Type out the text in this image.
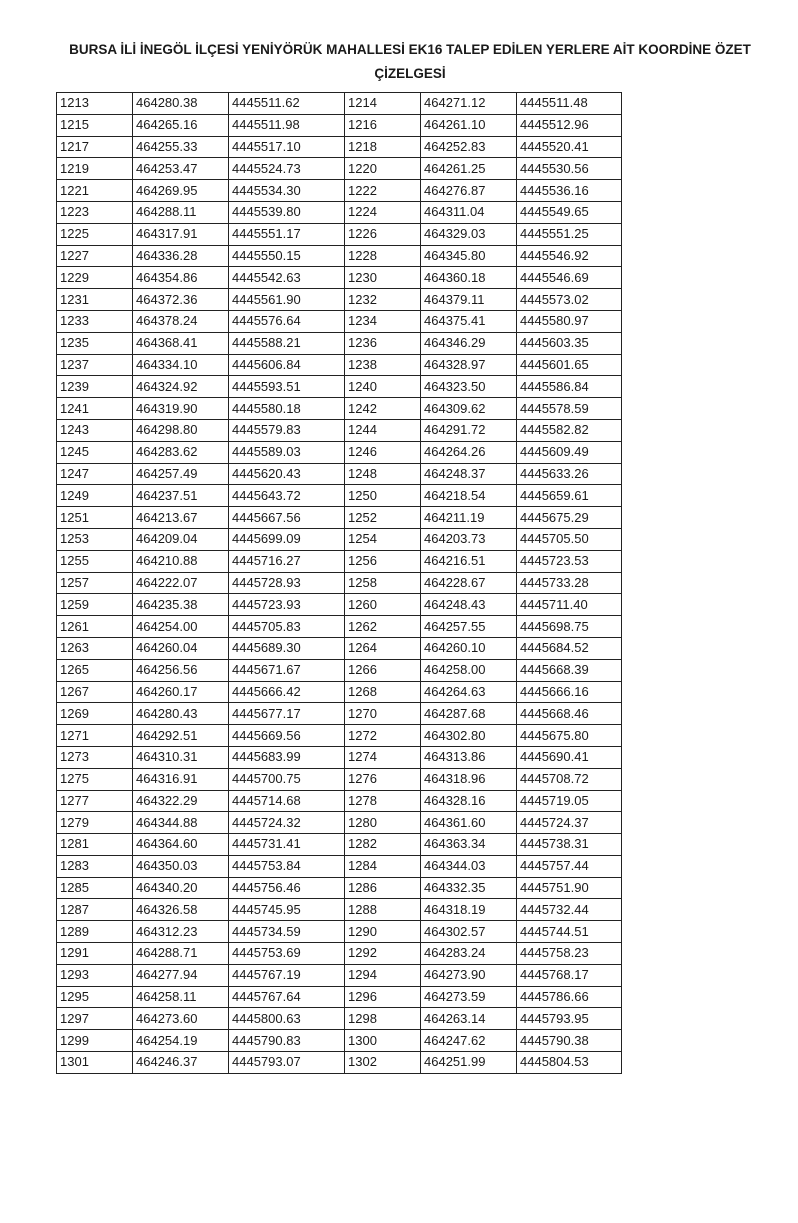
BURSA İLİ İNEGÖL İLÇESİ YENİYÖRÜK MAHALLESİ EK16 TALEP EDİLEN YERLERE AİT KOORDİNE ÖZET
ÇİZELGESİ
1213	464280.38	4445511.62	1214	464271.12	4445511.48
1215	464265.16	4445511.98	1216	464261.10	4445512.96
1217	464255.33	4445517.10	1218	464252.83	4445520.41
1219	464253.47	4445524.73	1220	464261.25	4445530.56
1221	464269.95	4445534.30	1222	464276.87	4445536.16
1223	464288.11	4445539.80	1224	464311.04	4445549.65
1225	464317.91	4445551.17	1226	464329.03	4445551.25
1227	464336.28	4445550.15	1228	464345.80	4445546.92
1229	464354.86	4445542.63	1230	464360.18	4445546.69
1231	464372.36	4445561.90	1232	464379.11	4445573.02
1233	464378.24	4445576.64	1234	464375.41	4445580.97
1235	464368.41	4445588.21	1236	464346.29	4445603.35
1237	464334.10	4445606.84	1238	464328.97	4445601.65
1239	464324.92	4445593.51	1240	464323.50	4445586.84
1241	464319.90	4445580.18	1242	464309.62	4445578.59
1243	464298.80	4445579.83	1244	464291.72	4445582.82
1245	464283.62	4445589.03	1246	464264.26	4445609.49
1247	464257.49	4445620.43	1248	464248.37	4445633.26
1249	464237.51	4445643.72	1250	464218.54	4445659.61
1251	464213.67	4445667.56	1252	464211.19	4445675.29
1253	464209.04	4445699.09	1254	464203.73	4445705.50
1255	464210.88	4445716.27	1256	464216.51	4445723.53
1257	464222.07	4445728.93	1258	464228.67	4445733.28
1259	464235.38	4445723.93	1260	464248.43	4445711.40
1261	464254.00	4445705.83	1262	464257.55	4445698.75
1263	464260.04	4445689.30	1264	464260.10	4445684.52
1265	464256.56	4445671.67	1266	464258.00	4445668.39
1267	464260.17	4445666.42	1268	464264.63	4445666.16
1269	464280.43	4445677.17	1270	464287.68	4445668.46
1271	464292.51	4445669.56	1272	464302.80	4445675.80
1273	464310.31	4445683.99	1274	464313.86	4445690.41
1275	464316.91	4445700.75	1276	464318.96	4445708.72
1277	464322.29	4445714.68	1278	464328.16	4445719.05
1279	464344.88	4445724.32	1280	464361.60	4445724.37
1281	464364.60	4445731.41	1282	464363.34	4445738.31
1283	464350.03	4445753.84	1284	464344.03	4445757.44
1285	464340.20	4445756.46	1286	464332.35	4445751.90
1287	464326.58	4445745.95	1288	464318.19	4445732.44
1289	464312.23	4445734.59	1290	464302.57	4445744.51
1291	464288.71	4445753.69	1292	464283.24	4445758.23
1293	464277.94	4445767.19	1294	464273.90	4445768.17
1295	464258.11	4445767.64	1296	464273.59	4445786.66
1297	464273.60	4445800.63	1298	464263.14	4445793.95
1299	464254.19	4445790.83	1300	464247.62	4445790.38
1301	464246.37	4445793.07	1302	464251.99	4445804.53
